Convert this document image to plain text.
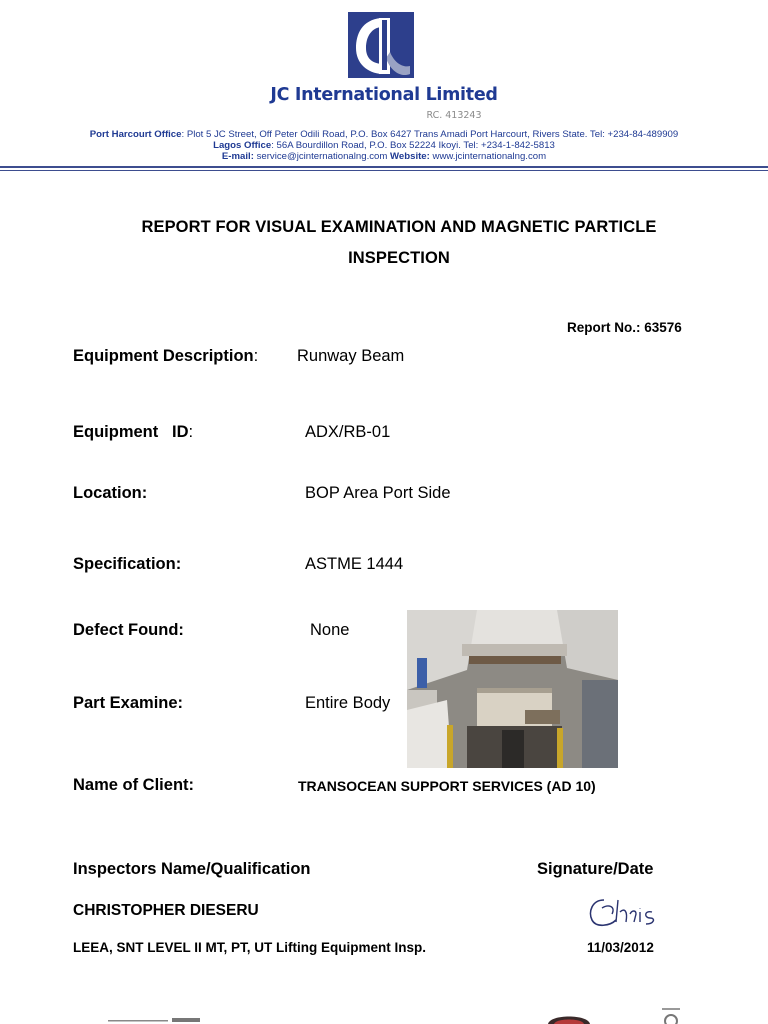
JC International Limited
RC. 413243
Port Harcourt Office: Plot 5 JC Street, Off Peter Odili Road, P.O. Box 6427 Trans Amadi Port Harcourt, Rivers State. Tel: +234-84-489909
Lagos Office: 56A Bourdillon Road, P.O. Box 52224 Ikoyi. Tel: +234-1-842-5813
E-mail: service@jcinternationalng.com Website: www.jcinternationalng.com
REPORT FOR VISUAL EXAMINATION AND MAGNETIC PARTICLE
INSPECTION
Report No.: 63576
Equipment Description: Runway Beam
Equipment   ID:	ADX/RB-01
Location:	BOP Area Port Side
Specification:	ASTME 1444
Defect Found:	None
Part Examine:	Entire Body
Name of Client:	TRANSOCEAN SUPPORT SERVICES (AD 10)
Inspectors Name/Qualification	Signature/Date
CHRISTOPHER DIESERU
LEEA, SNT LEVEL II MT, PT, UT Lifting Equipment Insp.	11/03/2012
